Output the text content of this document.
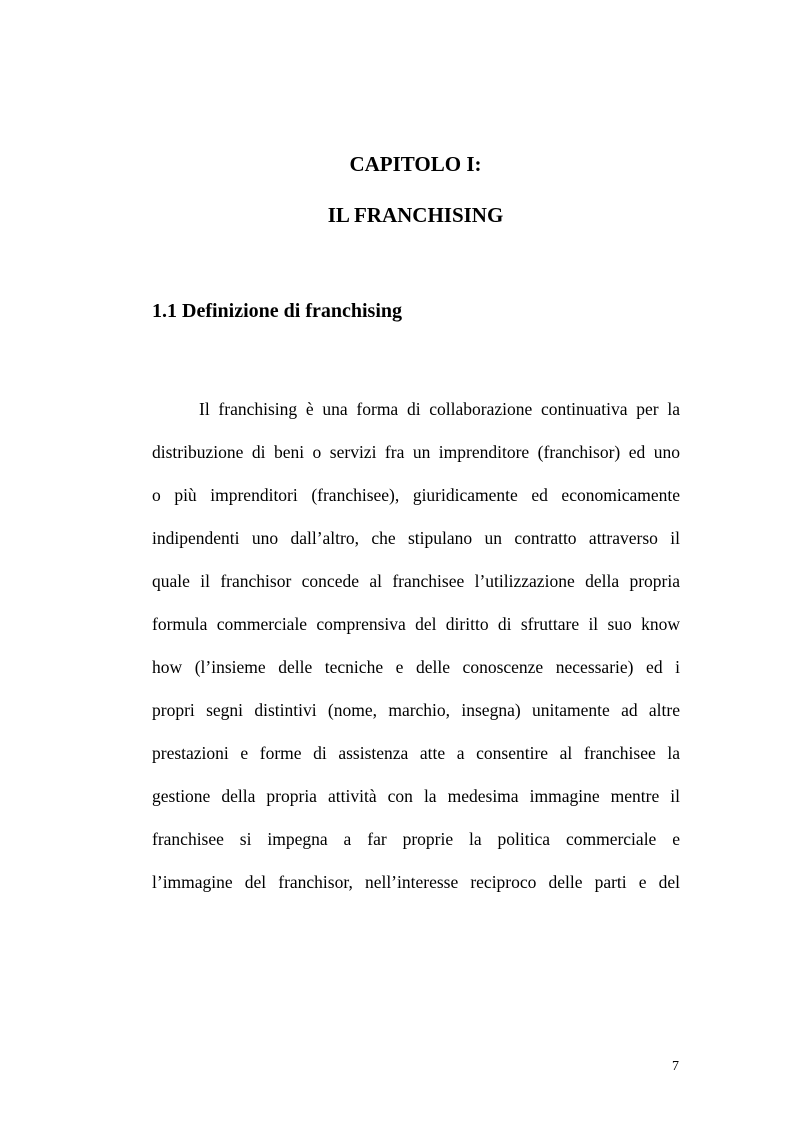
CAPITOLO I:
IL FRANCHISING
1.1 Definizione di franchising
Il franchising è una forma di collaborazione continuativa per la
distribuzione di beni o servizi fra un imprenditore (franchisor) ed uno
o più imprenditori (franchisee), giuridicamente ed economicamente
indipendenti uno dall’altro, che stipulano un contratto attraverso il
quale il franchisor concede al franchisee l’utilizzazione della propria
formula commerciale comprensiva del diritto di sfruttare il suo know
how (l’insieme delle tecniche e delle conoscenze necessarie) ed i
propri segni distintivi (nome, marchio, insegna) unitamente ad altre
prestazioni e forme di assistenza atte a consentire al franchisee la
gestione della propria attività con la medesima immagine mentre il
franchisee si impegna a far proprie la politica commerciale e
l’immagine del franchisor, nell’interesse reciproco delle parti e del
7
